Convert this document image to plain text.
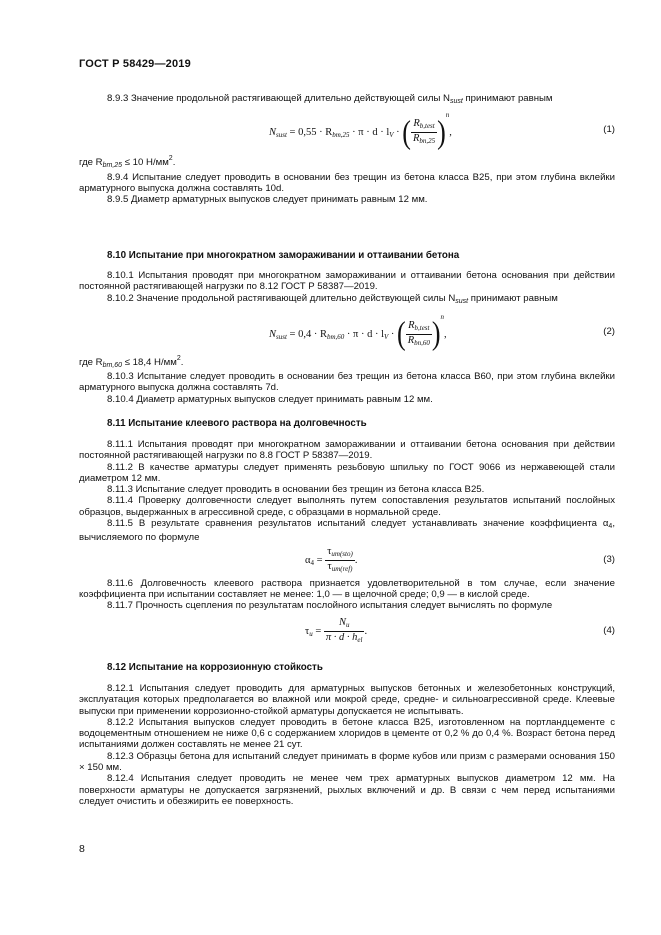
ГОСТ Р 58429—2019

8.9.3 Значение продольной растягивающей длительно действующей силы $N_{sust}$ принимают равным

$N_{sust} = 0,55 \cdot R_{bm,25} \cdot \pi \cdot d \cdot l_V$ · ( $\frac{R_{b,test}}{R_{bn,25}} )^n$,	(1)

где $R_{bm,25} \le 10$ $Н/мм^2$.

8.9.4 Испытание следует проводить в основании без трещин из бетона класса В25, при этом глубина вклейки арматурного выпуска должна составлять 10d.

8.9.5 Диаметр арматурных выпусков следует принимать равным 12 мм.

8.10 Испытание при многократном замораживании и оттаивании бетона

8.10.1 Испытания проводят при многократном замораживании и оттаивании бетона основания при действии постоянной растягивающей нагрузки по 8.12 ГОСТ Р 58387—2019.

8.10.2 Значение продольной растягивающей длительно действующей силы $N_{sust}$ принимают равным

$N_{sust} = 0,4 \cdot R_{bm,60} \cdot \pi \cdot d \cdot l_V$ · ( $\frac{R_{b,test}}{R_{bn,60}} )^n$,	(2)

где $R_{bm,60} \le 18,4$ $Н/мм^2$.

8.10.3 Испытание следует проводить в основании без трещин из бетона класса В60, при этом глубина вклейки арматурного выпуска должна составлять 7d.

8.10.4 Диаметр арматурных выпусков следует принимать равным 12 мм.

8.11 Испытание клеевого раствора на долговечность

8.11.1 Испытания проводят при многократном замораживании и оттаивании бетона основания при действии постоянной растягивающей нагрузки по 8.8 ГОСТ Р 58387—2019.

8.11.2 В качестве арматуры следует применять резьбовую шпильку по ГОСТ 9066 из нержавеющей стали диаметром 12 мм.

8.11.3 Испытание следует проводить в основании без трещин из бетона класса В25.

8.11.4 Проверку долговечности следует выполнять путем сопоставления результатов испытаний послойных образцов, выдержанных в агрессивной среде, с образцами в нормальной среде.

8.11.5 В результате сравнения результатов испытаний следует устанавливать значение коэффициента $\alpha_4$, вычисляемого по формуле

$\alpha_4 = \frac{\tau_{um(sto)}}{\tau_{um(ref)}}$ .	(3)

8.11.6 Долговечность клеевого раствора признается удовлетворительной в том случае, если значение коэффициента при испытании составляет не менее: 1,0 — в щелочной среде; 0,9 — в кислой среде.

8.11.7 Прочность сцепления по результатам послойного испытания следует вычислять по формуле

$\tau_u = \frac{N_u}{\pi \cdot d \cdot h_{el}}$ .	(4)

8.12 Испытание на коррозионную стойкость

8.12.1 Испытания следует проводить для арматурных выпусков бетонных и железобетонных конструкций, эксплуатация которых предполагается во влажной или мокрой среде, средне- и сильноагрессивной среде. Клеевые выпуски при применении коррозионно-стойкой арматуры допускается не испытывать.

8.12.2 Испытания выпусков следует проводить в бетоне класса В25, изготовленном на портландцементе с водоцементным отношением не ниже 0,6 с содержанием хлоридов в цементе от 0,2 % до 0,4 %. Возраст бетона перед испытаниями должен составлять не менее 21 сут.

8.12.3 Образцы бетона для испытаний следует принимать в форме кубов или призм с размерами основания 150 × 150 мм.

8.12.4 Испытания следует проводить не менее чем трех арматурных выпусков диаметром 12 мм. На поверхности арматуры не допускается загрязнений, рыхлых включений и др. В связи с чем перед испытаниями следует очистить и обезжирить ее поверхность.

8
